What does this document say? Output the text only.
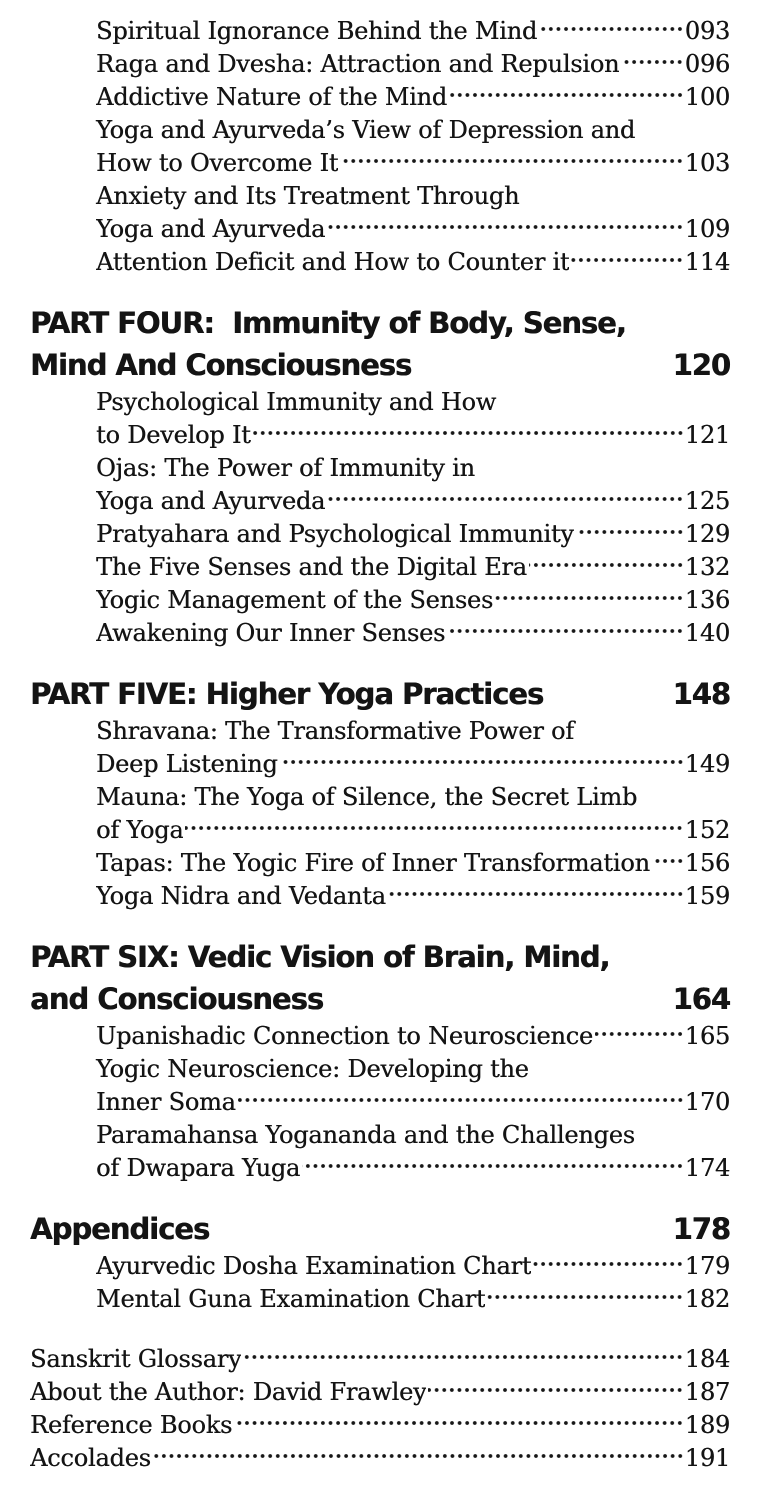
Spiritual Ignorance Behind the Mind	093
Raga and Dvesha: Attraction and Repulsion	096
Addictive Nature of the Mind	100
Yoga and Ayurveda’s View of Depression and
How to Overcome It	103
Anxiety and Its Treatment Through
Yoga and Ayurveda	109
Attention Deficit and How to Counter it	114
PART FOUR:  Immunity of Body, Sense,
Mind And Consciousness	120
Psychological Immunity and How
to Develop It	121
Ojas: The Power of Immunity in
Yoga and Ayurveda	125
Pratyahara and Psychological Immunity	129
The Five Senses and the Digital Era	132
Yogic Management of the Senses	136
Awakening Our Inner Senses	140
PART FIVE: Higher Yoga Practices	148
Shravana: The Transformative Power of
Deep Listening	149
Mauna: The Yoga of Silence, the Secret Limb
of Yoga	152
Tapas: The Yogic Fire of Inner Transformation 156
Yoga Nidra and Vedanta	159
PART SIX: Vedic Vision of Brain, Mind,
and Consciousness	164
Upanishadic Connection to Neuroscience	165
Yogic Neuroscience: Developing the
Inner Soma	170
Paramahansa Yogananda and the Challenges
of Dwapara Yuga	174
Appendices	178
Ayurvedic Dosha Examination Chart	179
Mental Guna Examination Chart	182
Sanskrit Glossary	184
About the Author: David Frawley	187
Reference Books	189
Accolades	191
